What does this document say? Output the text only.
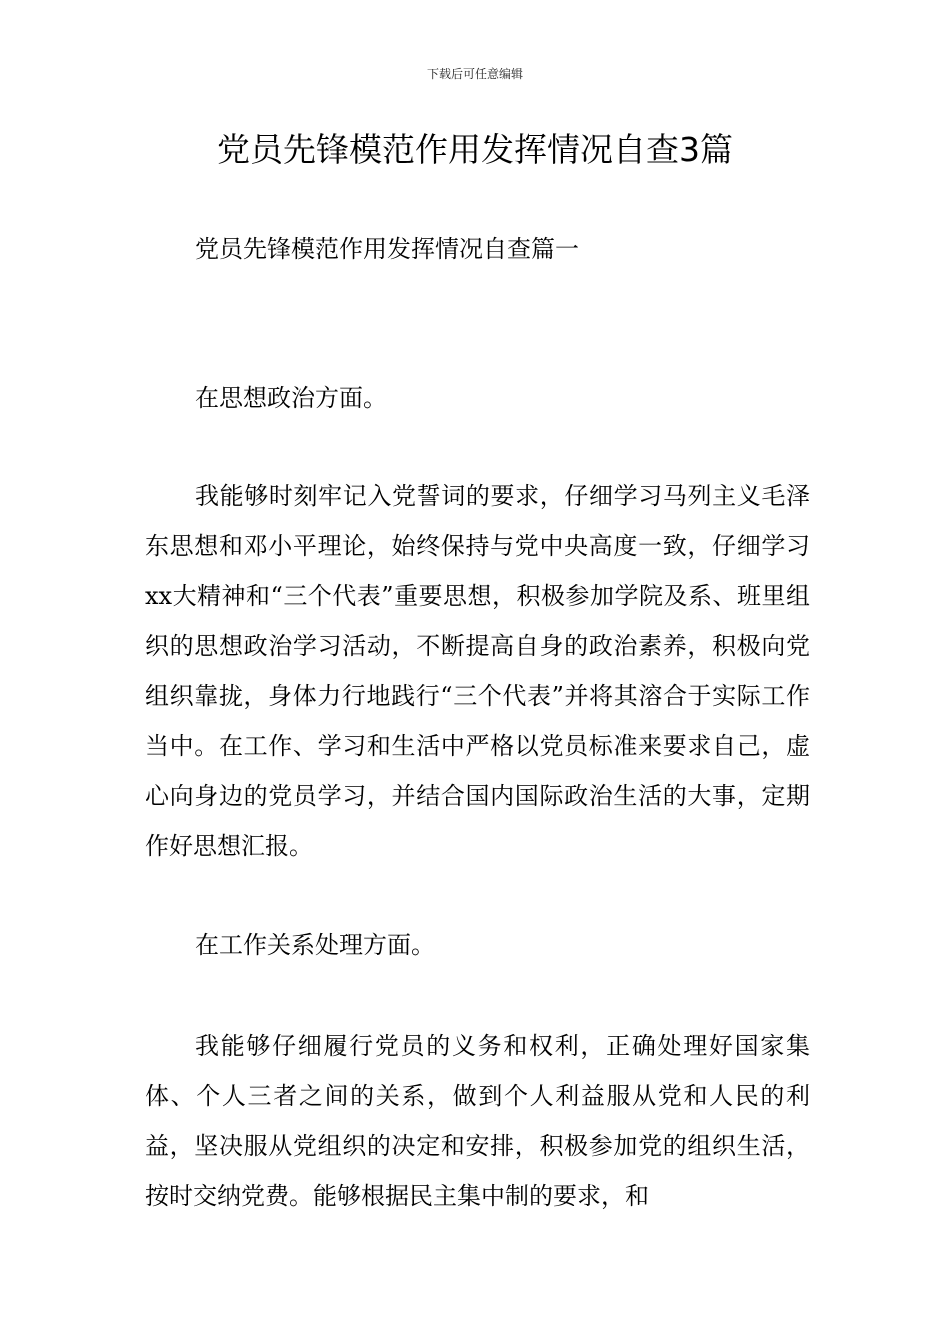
下载后可任意编辑
党员先锋模范作用发挥情况自查3篇

党员先锋模范作用发挥情况自查篇一

在思想政治方面。

我能够时刻牢记入党誓词的要求，仔细学习马列主义毛泽东思想和邓小平理论，始终保持与党中央高度一致，仔细学习xx大精神和“三个代表”重要思想，积极参加学院及系、班里组织的思想政治学习活动，不断提高自身的政治素养，积极向党组织靠拢，身体力行地践行“三个代表”并将其溶合于实际工作当中。在工作、学习和生活中严格以党员标准来要求自己，虚心向身边的党员学习，并结合国内国际政治生活的大事，定期作好思想汇报。

在工作关系处理方面。

我能够仔细履行党员的义务和权利，正确处理好国家集体、个人三者之间的关系，做到个人利益服从党和人民的利益，坚决服从党组织的决定和安排，积极参加党的组织生活，按时交纳党费。能够根据民主集中制的要求，和
